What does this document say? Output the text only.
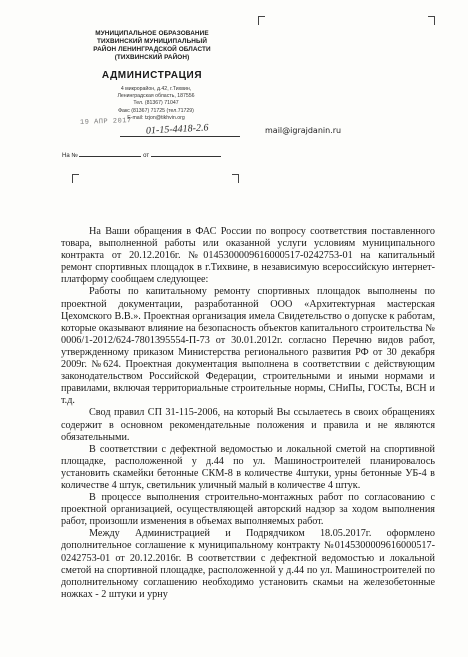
МУНИЦИПАЛЬНОЕ ОБРАЗОВАНИЕ
ТИХВИНСКИЙ МУНИЦИПАЛЬНЫЙ
РАЙОН ЛЕНИНГРАДСКОЙ ОБЛАСТИ
(ТИХВИНСКИЙ РАЙОН)
АДМИНИСТРАЦИЯ
4 микрорайон, д.42, г.Тихвин,
Ленинградская область, 187556
Тел. (81367) 71047
Факс (81367) 71725 (тел.71729)
E-mail: tzjon@tikhvin.org
19 АПР 2017
01-15-4418-2.6	mail@igrajdanin.ru
На №	от

На Ваши обращения в ФАС России по вопросу соответствия поставленного товара, выполненной работы или оказанной услуги условиям муниципального контракта от 20.12.2016г. №0145300009616000517-0242753-01 на капитальный ремонт спортивных площадок в г.Тихвине, в независимую всероссийскую интернет-платформу сообщаем следующее:

Работы по капитальному ремонту спортивных площадок выполнены по проектной документации, разработанной ООО «Архитектурная мастерская Цехомского В.В.». Проектная организация имела Свидетельство о допуске к работам, которые оказывают влияние на безопасность объектов капитального строительства № 0006/1-2012/624-7801395554-П-73 от 30.01.2012г. согласно Перечню видов работ, утвержденному приказом Министерства регионального развития РФ от 30 декабря 2009г. №624. Проектная документация выполнена в соответствии с действующим законодательством Российской Федерации, строительными и иными нормами и правилами, включая территориальные строительные нормы, СНиПы, ГОСТы, ВСН и т.д.

Свод правил СП 31-115-2006, на который Вы ссылаетесь в своих обращениях содержит в основном рекомендательные положения и правила и не являются обязательными.

В соответствии с дефектной ведомостью и локальной сметой на спортивной площадке, расположенной у д.44 по ул. Машиностроителей планировалось установить скамейки бетонные СКМ-8 в количестве 4штуки, урны бетонные УБ-4 в количестве 4 штук, светильник уличный малый в количестве 4 штук.

В процессе выполнения строительно-монтажных работ по согласованию с проектной организацией, осуществляющей авторский надзор за ходом выполнения работ, произошли изменения в объемах выполняемых работ.

Между Администрацией и Подрядчиком 18.05.2017г. оформлено дополнительное соглашение к муниципальному контракту №0145300009616000517-0242753-01 от 20.12.2016г. В соответствии с дефектной ведомостью и локальной сметой на спортивной площадке, расположенной у д.44 по ул. Машиностроителей по дополнительному соглашению необходимо установить скамьи на железобетонные ножках - 2 штуки и урну
